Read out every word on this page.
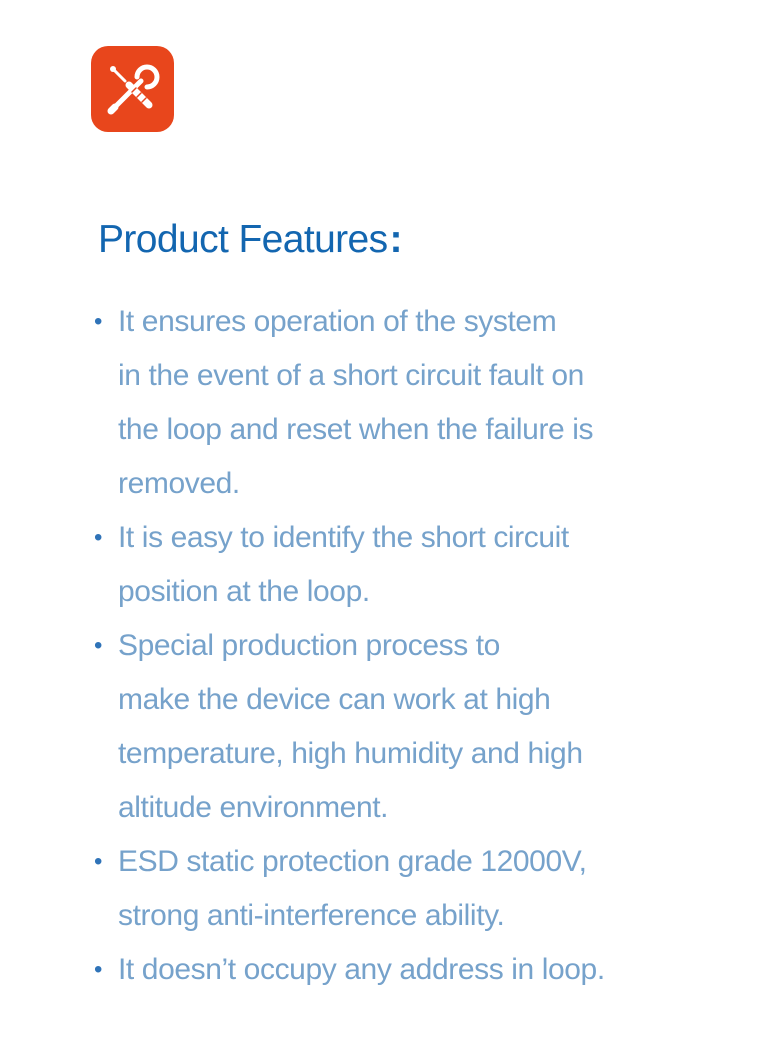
Product Features:
• It ensures operation of the system
in the event of a short circuit fault on
the loop and reset when the failure is
removed.
• It is easy to identify the short circuit
position at the loop.
• Special production process to
make the device can work at high
temperature, high humidity and high
altitude environment.
• ESD static protection grade 12000V,
strong anti-interference ability.
• It doesn’t occupy any address in loop.
